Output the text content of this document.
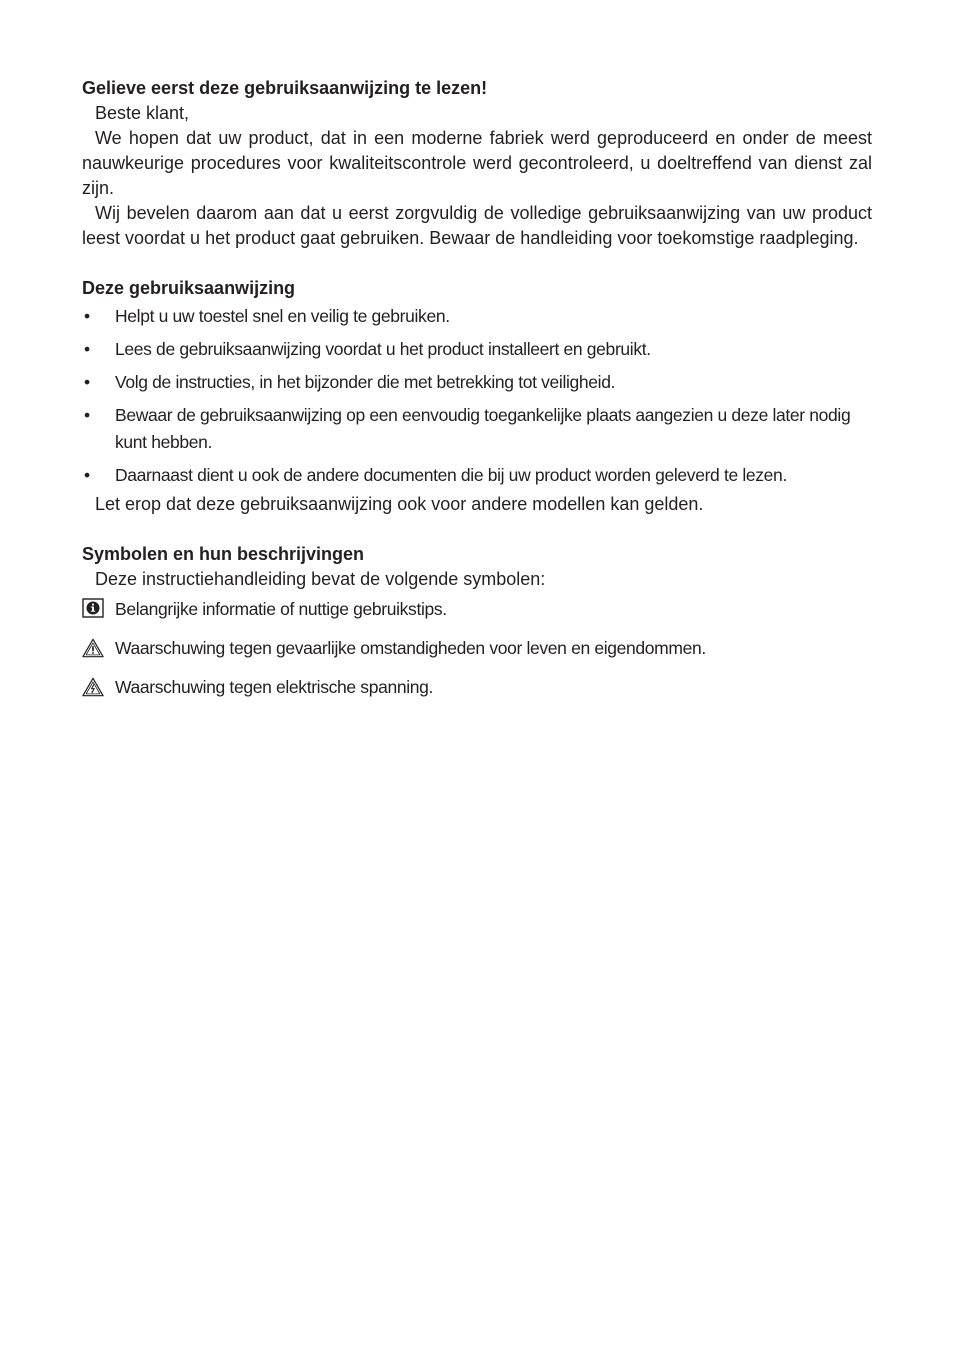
Gelieve eerst deze gebruiksaanwijzing te lezen!

Beste klant,

We hopen dat uw product, dat in een moderne fabriek werd geproduceerd en onder de meest nauwkeurige procedures voor kwaliteitscontrole werd gecontroleerd, u doeltreffend van dienst zal zijn.

Wij bevelen daarom aan dat u eerst zorgvuldig de volledige gebruiksaanwijzing van uw product leest voordat u het product gaat gebruiken. Bewaar de handleiding voor toekomstige raadpleging.

Deze gebruiksaanwijzing

• Helpt u uw toestel snel en veilig te gebruiken.
• Lees de gebruiksaanwijzing voordat u het product installeert en gebruikt.
• Volg de instructies, in het bijzonder die met betrekking tot veiligheid.
• Bewaar de gebruiksaanwijzing op een eenvoudig toegankelijke plaats aangezien u deze later nodig kunt hebben.
• Daarnaast dient u ook de andere documenten die bij uw product worden geleverd te lezen.

Let erop dat deze gebruiksaanwijzing ook voor andere modellen kan gelden.

Symbolen en hun beschrijvingen

Deze instructiehandleiding bevat de volgende symbolen:

Belangrijke informatie of nuttige gebruikstips.
Waarschuwing tegen gevaarlijke omstandigheden voor leven en eigendommen.
Waarschuwing tegen elektrische spanning.
